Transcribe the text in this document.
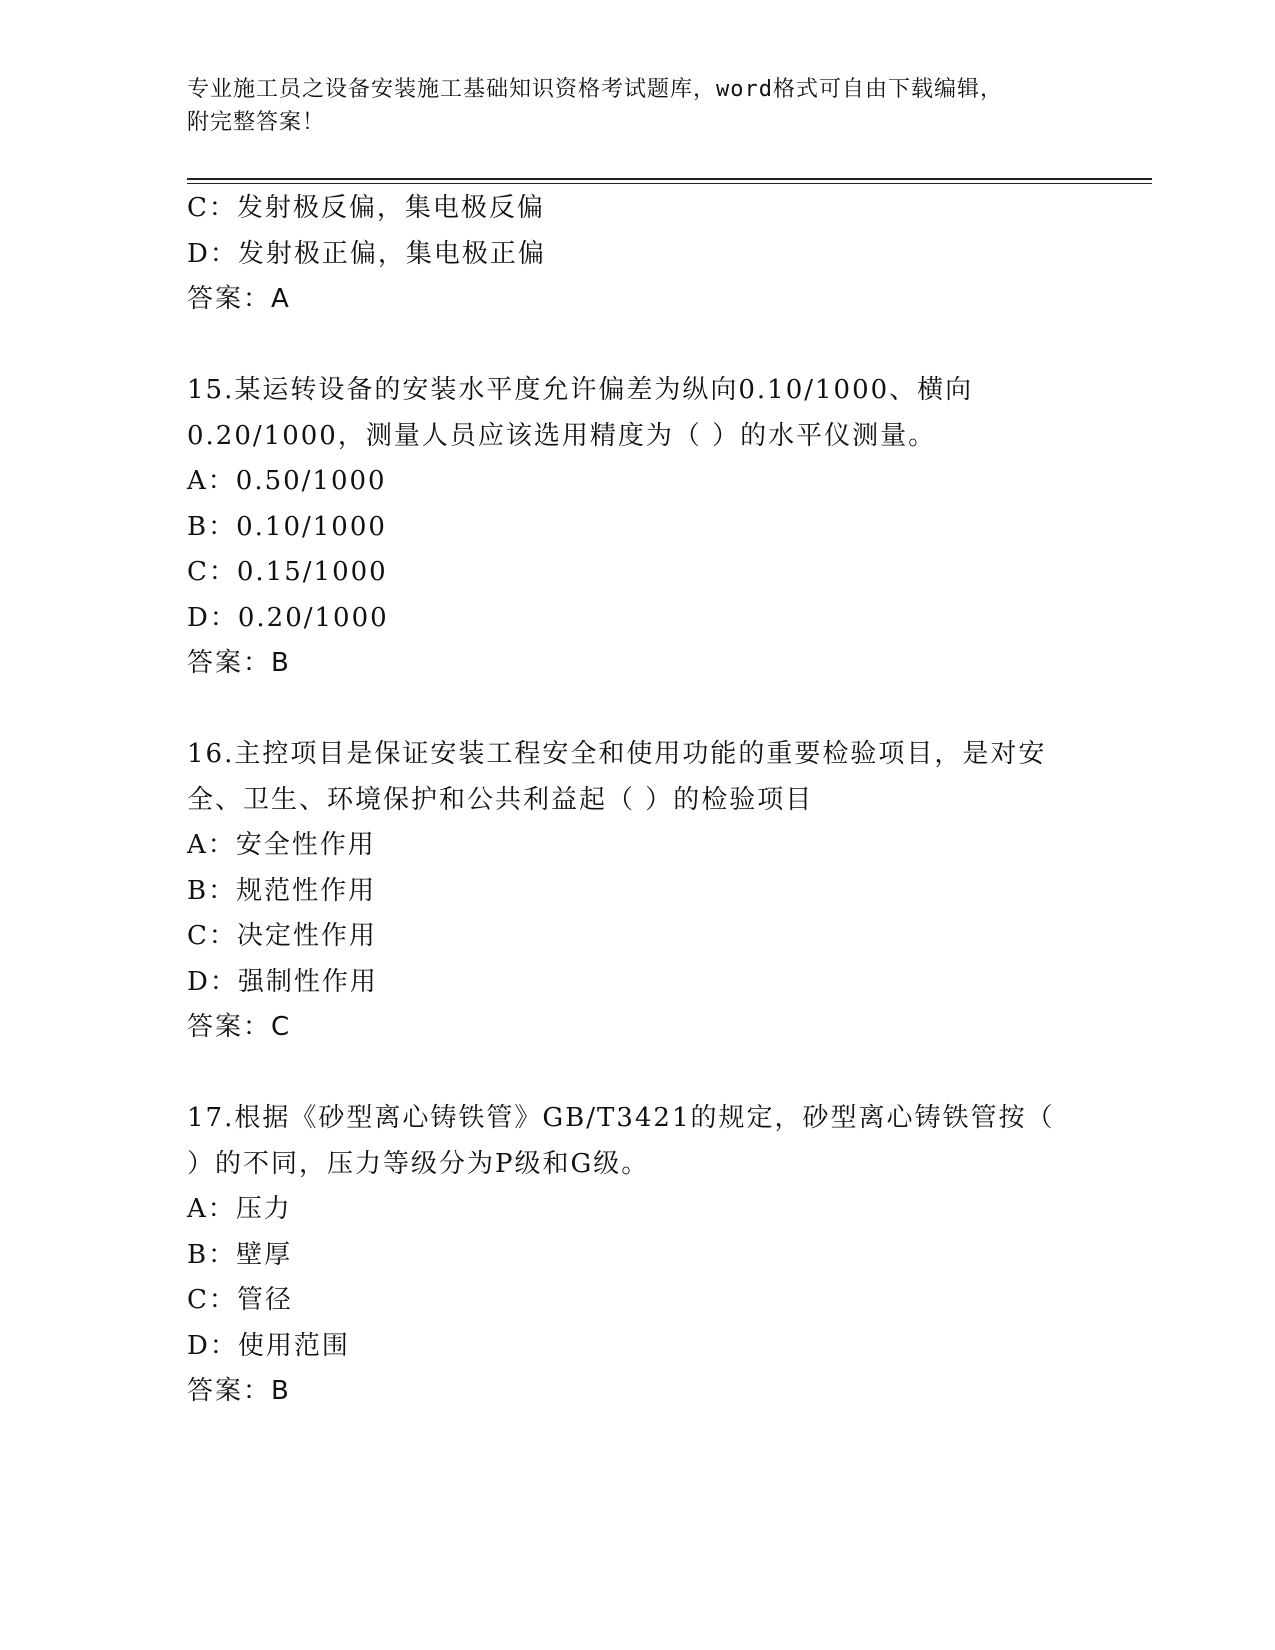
专业施工员之设备安装施工基础知识资格考试题库，word格式可自由下载编辑，
附完整答案！
C：发射极反偏，集电极反偏
D：发射极正偏，集电极正偏
答案：A
15.某运转设备的安装水平度允许偏差为纵向0.10/1000、横向
0.20/1000，测量人员应该选用精度为（ ）的水平仪测量。
A：0.50/1000
B：0.10/1000
C：0.15/1000
D：0.20/1000
答案：B
16.主控项目是保证安装工程安全和使用功能的重要检验项目，是对安
全、卫生、环境保护和公共利益起（ ）的检验项目
A：安全性作用
B：规范性作用
C：决定性作用
D：强制性作用
答案：C
17.根据《砂型离心铸铁管》GB/T3421的规定，砂型离心铸铁管按（
）的不同，压力等级分为P级和G级。
A：压力
B：壁厚
C：管径
D：使用范围
答案：B
